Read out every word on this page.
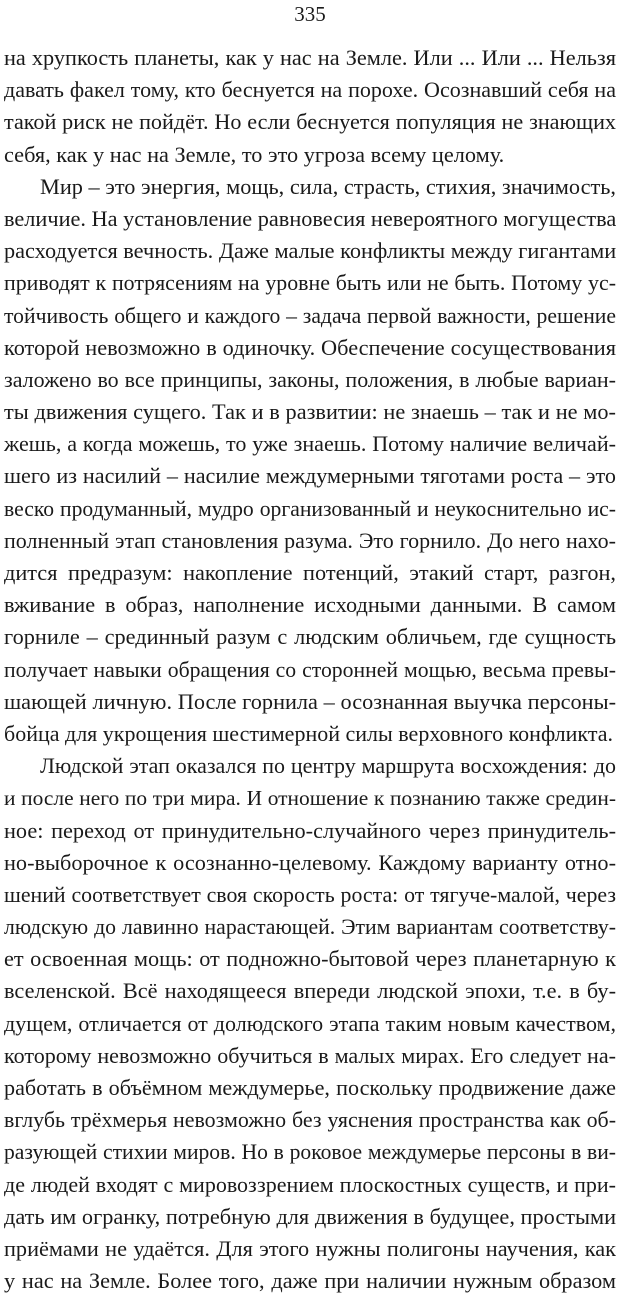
335
на хрупкость планеты, как у нас на Земле. Или ... Или ... Нельзя
давать факел тому, кто беснуется на порохе. Осознавший себя на
такой риск не пойдёт. Но если беснуется популяция не знающих
себя, как у нас на Земле, то это угроза всему целому.
Мир – это энергия, мощь, сила, страсть, стихия, значимость,
величие. На установление равновесия невероятного могущества
расходуется вечность. Даже малые конфликты между гигантами
приводят к потрясениям на уровне быть или не быть. Потому ус-
тойчивость общего и каждого – задача первой важности, решение
которой невозможно в одиночку. Обеспечение сосуществования
заложено во все принципы, законы, положения, в любые вариан-
ты движения сущего. Так и в развитии: не знаешь – так и не мо-
жешь, а когда можешь, то уже знаешь. Потому наличие величай-
шего из насилий – насилие междумерными тяготами роста – это
веско продуманный, мудро организованный и неукоснительно ис-
полненный этап становления разума. Это горнило. До него нахо-
дится предразум: накопление потенций, этакий старт, разгон,
вживание в образ, наполнение исходными данными. В самом
горниле – срединный разум с людским обличьем, где сущность
получает навыки обращения со сторонней мощью, весьма превы-
шающей личную. После горнила – осознанная выучка персоны-
бойца для укрощения шестимерной силы верховного конфликта.
Людской этап оказался по центру маршрута восхождения: до
и после него по три мира. И отношение к познанию также средин-
ное: переход от принудительно-случайного через принудитель-
но-выборочное к осознанно-целевому. Каждому варианту отно-
шений соответствует своя скорость роста: от тягуче-малой, через
людскую до лавинно нарастающей. Этим вариантам соответству-
ет освоенная мощь: от подножно-бытовой через планетарную к
вселенской. Всё находящееся впереди людской эпохи, т.е. в бу-
дущем, отличается от долюдского этапа таким новым качеством,
которому невозможно обучиться в малых мирах. Его следует на-
работать в объёмном междумерье, поскольку продвижение даже
вглубь трёхмерья невозможно без уяснения пространства как об-
разующей стихии миров. Но в роковое междумерье персоны в ви-
де людей входят с мировоззрением плоскостных существ, и при-
дать им огранку, потребную для движения в будущее, простыми
приёмами не удаётся. Для этого нужны полигоны научения, как
у нас на Земле. Более того, даже при наличии нужным образом
